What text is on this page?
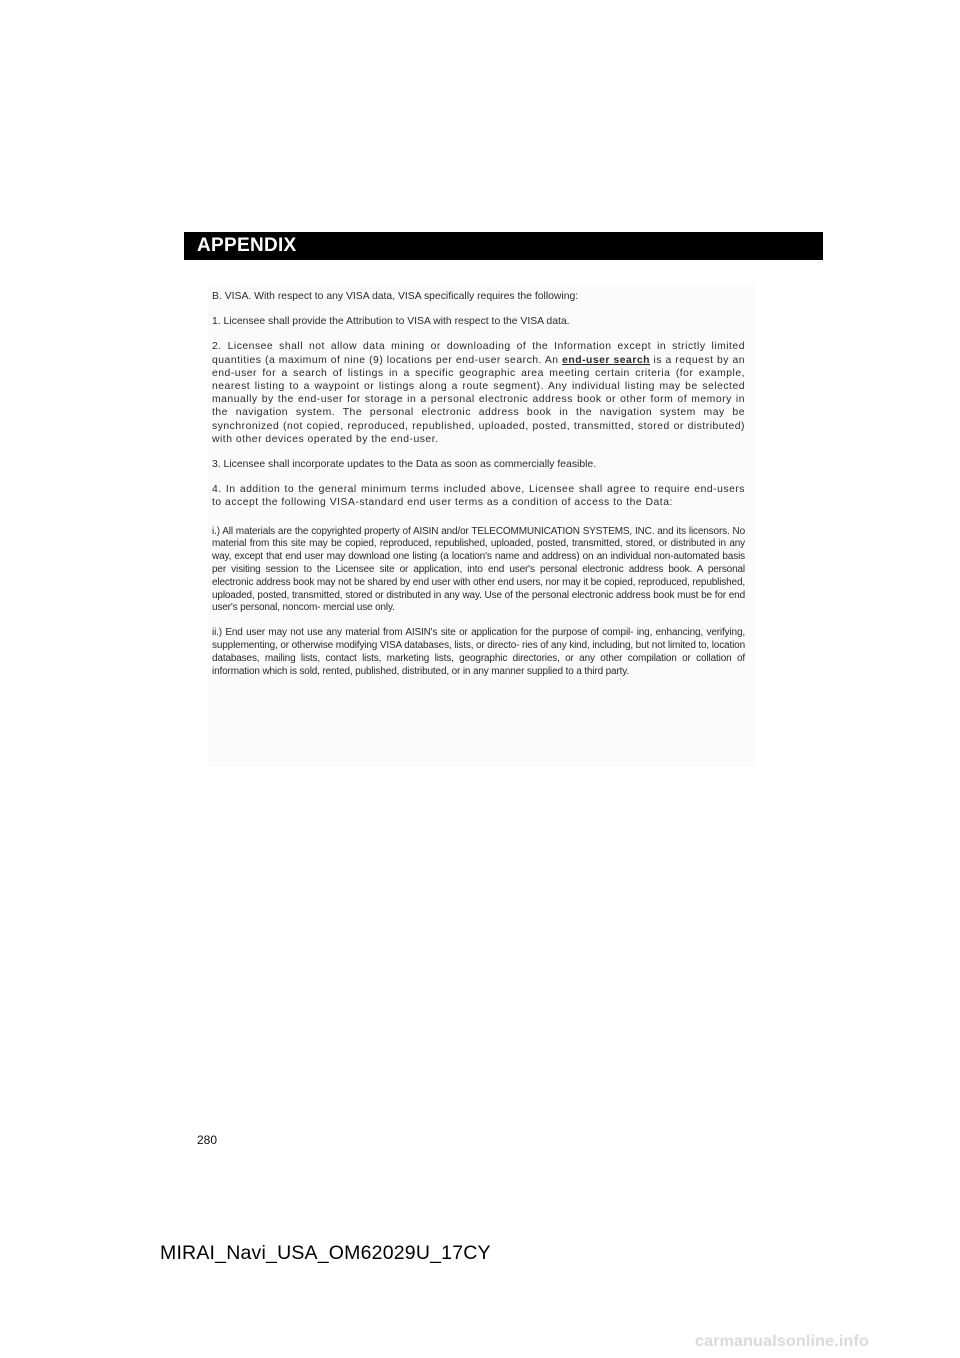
APPENDIX

B. VISA. With respect to any VISA data, VISA specifically requires the following:

1. Licensee shall provide the Attribution to VISA with respect to the VISA data.

2. Licensee shall not allow data mining or downloading of the Information except in strictly limited quantities (a maximum of nine (9) locations per end-user search. An end-user search is a request by an end-user for a search of listings in a specific geographic area meeting certain criteria (for example, nearest listing to a waypoint or listings along a route segment). Any individual listing may be selected manually by the end-user for storage in a personal electronic address book or other form of memory in the navigation system. The personal electronic address book in the navigation system may be synchronized (not copied, reproduced, republished, uploaded, posted, transmitted, stored or distributed) with other devices operated by the end-user.

3. Licensee shall incorporate updates to the Data as soon as commercially feasible.

4. In addition to the general minimum terms included above, Licensee shall agree to require end-users to accept the following VISA-standard end user terms as a condition of access to the Data:

i.) All materials are the copyrighted property of AISIN and/or TELECOMMUNICATION SYSTEMS, INC. and its licensors. No material from this site may be copied, reproduced, republished, uploaded, posted, transmitted, stored, or distributed in any way, except that end user may download one listing (a location's name and address) on an individual non-automated basis per visiting session to the Licensee site or application, into end user's personal electronic address book. A personal electronic address book may not be shared by end user with other end users, nor may it be copied, reproduced, republished, uploaded, posted, transmitted, stored or distributed in any way. Use of the personal electronic address book must be for end user's personal, noncom- mercial use only.

ii.) End user may not use any material from AISIN's site or application for the purpose of compil- ing, enhancing, verifying, supplementing, or otherwise modifying VISA databases, lists, or directo- ries of any kind, including, but not limited to, location databases, mailing lists, contact lists, marketing lists, geographic directories, or any other compilation or collation of information which is sold, rented, published, distributed, or in any manner supplied to a third party.

280
MIRAI_Navi_USA_OM62029U_17CY
carmanualsonline.info
